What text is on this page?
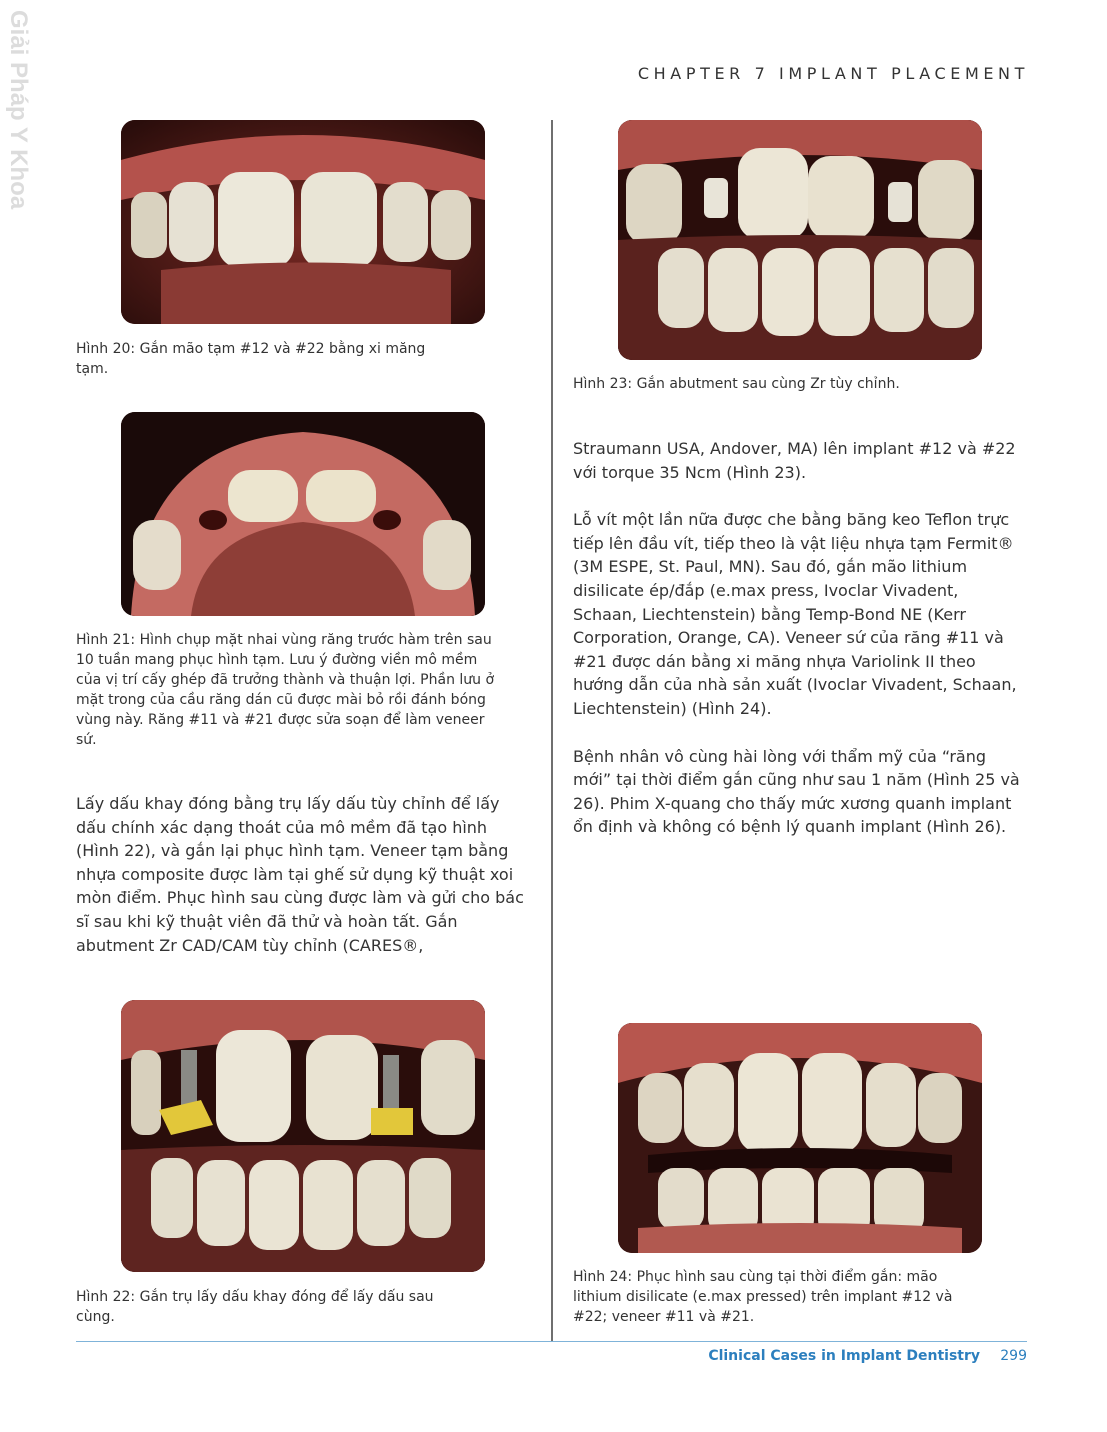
Giải Pháp Y Khoa	CHAPTER 7 IMPLANT PLACEMENT
Hình 20: Gắn mão tạm #12 và #22 bằng xi măng tạm.
Hình 21: Hình chụp mặt nhai vùng răng trước hàm trên sau 10 tuần mang phục hình tạm. Lưu ý đường viền mô mềm của vị trí cấy ghép đã trưởng thành và thuận lợi. Phần lưu ở mặt trong của cầu răng dán cũ được mài bỏ rồi đánh bóng vùng này. Răng #11 và #21 được sửa soạn để làm veneer sứ.

Lấy dấu khay đóng bằng trụ lấy dấu tùy chỉnh để lấy dấu chính xác dạng thoát của mô mềm đã tạo hình (Hình 22), và gắn lại phục hình tạm. Veneer tạm bằng nhựa composite được làm tại ghế sử dụng kỹ thuật xoi mòn điểm. Phục hình sau cùng được làm và gửi cho bác sĩ sau khi kỹ thuật viên đã thử và hoàn tất. Gắn abutment Zr CAD/CAM tùy chỉnh (CARES®,

Hình 22: Gắn trụ lấy dấu khay đóng để lấy dấu sau cùng.
Hình 23: Gắn abutment sau cùng Zr tùy chỉnh.

Straumann USA, Andover, MA) lên implant #12 và #22 với torque 35 Ncm (Hình 23).

Lỗ vít một lần nữa được che bằng băng keo Teflon trực tiếp lên đầu vít, tiếp theo là vật liệu nhựa tạm Fermit® (3M ESPE, St. Paul, MN). Sau đó, gắn mão lithium disilicate ép/đắp (e.max press, Ivoclar Vivadent, Schaan, Liechtenstein) bằng Temp-Bond NE (Kerr Corporation, Orange, CA). Veneer sứ của răng #11 và #21 được dán bằng xi măng nhựa Variolink II theo hướng dẫn của nhà sản xuất (Ivoclar Vivadent, Schaan, Liechtenstein) (Hình 24).

Bệnh nhân vô cùng hài lòng với thẩm mỹ của “răng mới” tại thời điểm gắn cũng như sau 1 năm (Hình 25 và 26). Phim X-quang cho thấy mức xương quanh implant ổn định và không có bệnh lý quanh implant (Hình 26).

Hình 24: Phục hình sau cùng tại thời điểm gắn: mão lithium disilicate (e.max pressed) trên implant #12 và #22; veneer #11 và #21.
Clinical Cases in Implant Dentistry 299
